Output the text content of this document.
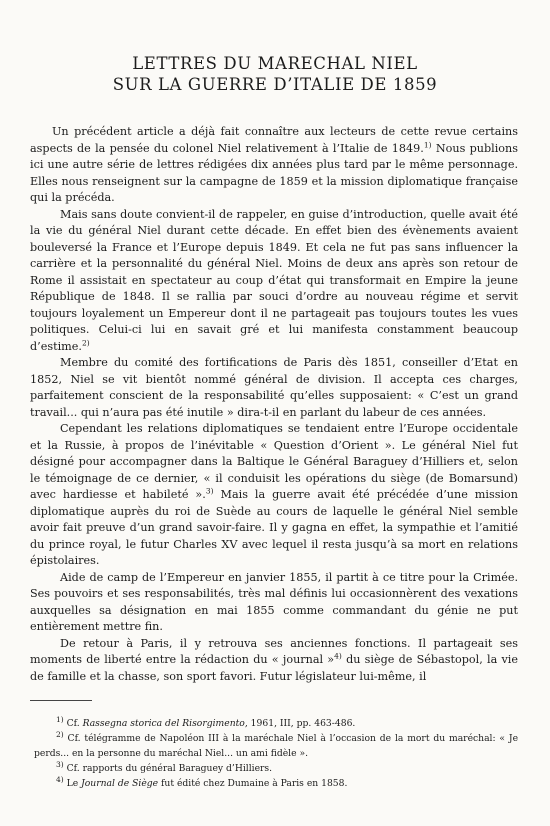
LETTRES DU MARECHAL NIEL
SUR LA GUERRE D’ITALIE DE 1859

Un précédent article a déjà fait connaître aux lecteurs de cette revue certains aspects de la pensée du colonel Niel relativement à l’Italie de 1849.$^{1)}$ Nous publions ici une autre série de lettres rédigées dix années plus tard par le même personnage. Elles nous renseignent sur la campagne de 1859 et la mission diplomatique française qui la précéda.

Mais sans doute convient-il de rappeler, en guise d’introduction, quelle avait été la vie du général Niel durant cette décade. En effet bien des évènements avaient bouleversé la France et l’Europe depuis 1849. Et cela ne fut pas sans influencer la carrière et la personnalité du général Niel. Moins de deux ans après son retour de Rome il assistait en spectateur au coup d’état qui transformait en Empire la jeune République de 1848. Il se rallia par souci d’ordre au nouveau régime et servit toujours loyalement un Empereur dont il ne partageait pas toujours toutes les vues politiques. Celui-ci lui en savait gré et lui manifesta constamment beaucoup d’estime.$^{2)}$

Membre du comité des fortifications de Paris dès 1851, conseiller d’Etat en 1852, Niel se vit bientôt nommé général de division. Il accepta ces charges, parfaitement conscient de la responsabilité qu’elles supposaient: « C’est un grand travail... qui n’aura pas été inutile » dira-t-il en parlant du labeur de ces années.

Cependant les relations diplomatiques se tendaient entre l’Europe occidentale et la Russie, à propos de l’inévitable « Question d’Orient ». Le général Niel fut désigné pour accompagner dans la Baltique le Général Baraguey d’Hilliers et, selon le témoignage de ce dernier, « il conduisit les opérations du siège (de Bomarsund) avec hardiesse et habileté ».$^{3)}$ Mais la guerre avait été précédée d’une mission diplomatique auprès du roi de Suède au cours de laquelle le général Niel semble avoir fait preuve d’un grand savoir-faire. Il y gagna en effet, la sympathie et l’amitié du prince royal, le futur Charles XV avec lequel il resta jusqu’à sa mort en relations épistolaires.

Aide de camp de l’Empereur en janvier 1855, il partit à ce titre pour la Crimée. Ses pouvoirs et ses responsabilités, très mal définis lui occasionnèrent des vexations auxquelles sa désignation en mai 1855 comme commandant du génie ne put entièrement mettre fin.

De retour à Paris, il y retrouva ses anciennes fonctions. Il partageait ses moments de liberté entre la rédaction du « journal »$^{4)}$ du siège de Sébastopol, la vie de famille et la chasse, son sport favori. Futur législateur lui-même, il

$^{1)}$ Cf. Rassegna storica del Risorgimento, 1961, III, pp. 463-486.

$^{2)}$ Cf. télégramme de Napoléon III à la maréchale Niel à l’occasion de la mort du maréchal: « Je perds... en la personne du maréchal Niel... un ami fidèle ».

$^{3)}$ Cf. rapports du général Baraguey d’Hilliers.

$^{4)}$ Le Journal de Siège fut édité chez Dumaine à Paris en 1858.
